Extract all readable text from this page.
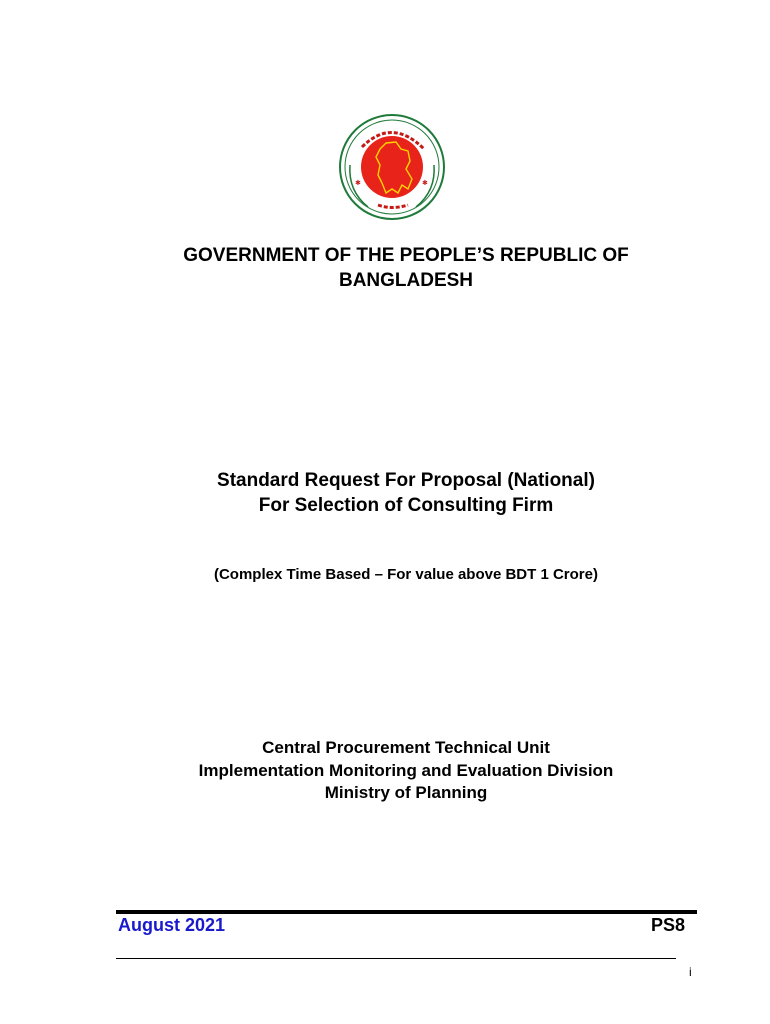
✱	✱
GOVERNMENT OF THE PEOPLE’S REPUBLIC OF
BANGLADESH
Standard Request For Proposal (National)
For Selection of Consulting Firm
(Complex Time Based – For value above BDT 1 Crore)
Central Procurement Technical Unit
Implementation Monitoring and Evaluation Division
Ministry of Planning
August 2021	PS8
i
